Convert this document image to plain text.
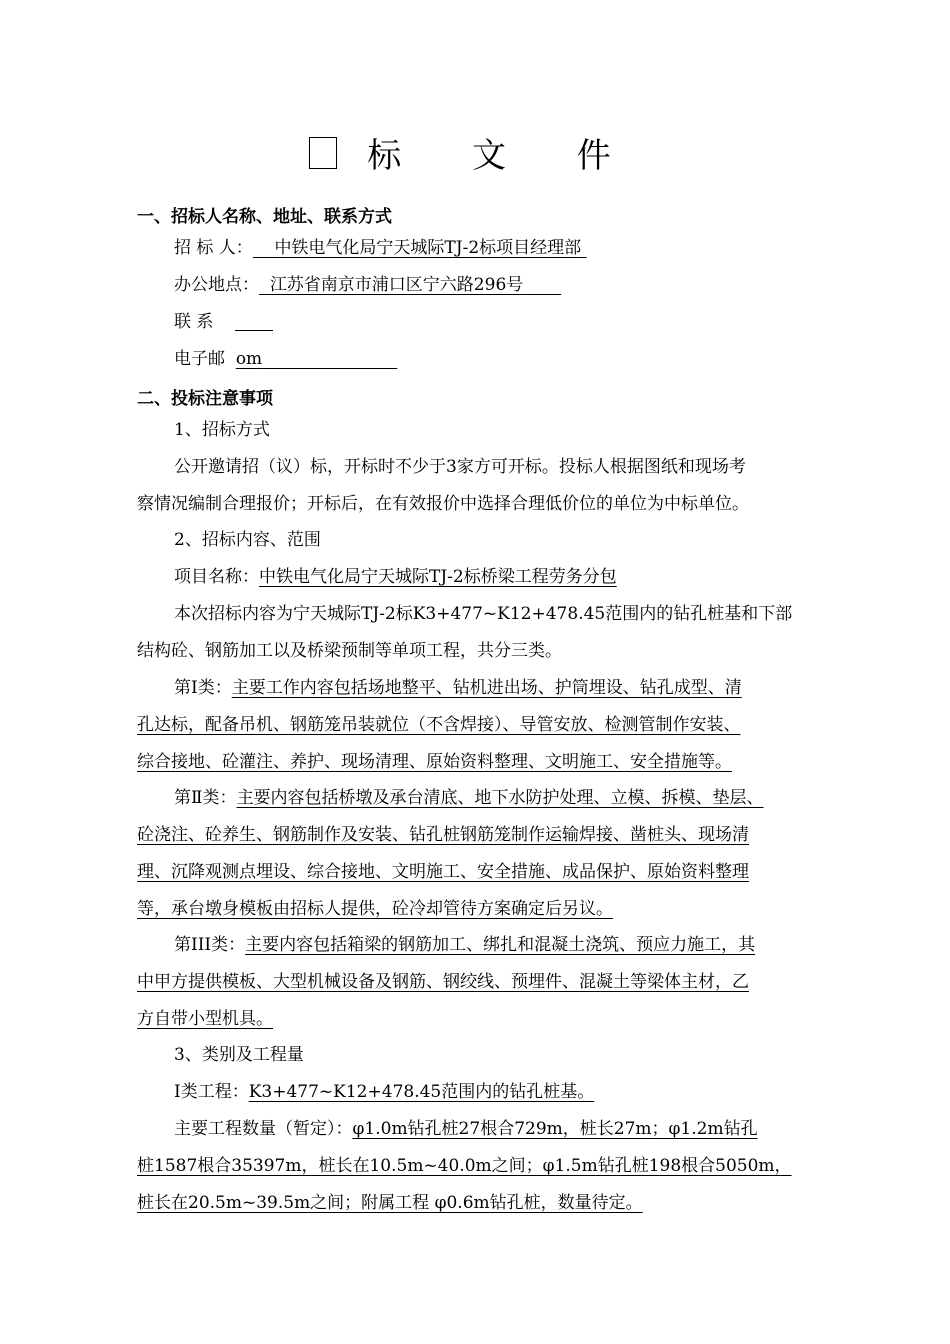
标 文 件
一、招标人名称、地址、联系方式
招 标 人： 中铁电气化局宁天城际TJ-2标项目经理部
办公地点： 江苏省南京市浦口区宁六路296号
联 系
电子邮 om
二、投标注意事项
1、招标方式
公开邀请招（议）标，开标时不少于3家方可开标。投标人根据图纸和现场考
察情况编制合理报价；开标后，在有效报价中选择合理低价位的单位为中标单位。
2、招标内容、范围
项目名称：中铁电气化局宁天城际TJ-2标桥梁工程劳务分包
本次招标内容为宁天城际TJ-2标K3+477~K12+478.45范围内的钻孔桩基和下部
结构砼、钢筋加工以及桥梁预制等单项工程，共分三类。
第Ⅰ类：主要工作内容包括场地整平、钻机进出场、护筒埋设、钻孔成型、清
孔达标，配备吊机、钢筋笼吊装就位（不含焊接）、导管安放、检测管制作安装、
综合接地、砼灌注、养护、现场清理、原始资料整理、文明施工、安全措施等。
第Ⅱ类：主要内容包括桥墩及承台清底、地下水防护处理、立模、拆模、垫层、
砼浇注、砼养生、钢筋制作及安装、钻孔桩钢筋笼制作运输焊接、凿桩头、现场清
理、沉降观测点埋设、综合接地、文明施工、安全措施、成品保护、原始资料整理
等，承台墩身模板由招标人提供，砼冷却管待方案确定后另议。
第III类：主要内容包括箱梁的钢筋加工、绑扎和混凝土浇筑、预应力施工，其
中甲方提供模板、大型机械设备及钢筋、钢绞线、预埋件、混凝土等梁体主材，乙
方自带小型机具。
3、类别及工程量
I类工程：K3+477~K12+478.45范围内的钻孔桩基。
主要工程数量（暂定）：φ1.0m钻孔桩27根合729m，桩长27m；φ1.2m钻孔
桩1587根合35397m，桩长在10.5m~40.0m之间；φ1.5m钻孔桩198根合5050m，
桩长在20.5m~39.5m之间；附属工程 φ0.6m钻孔桩，数量待定。
